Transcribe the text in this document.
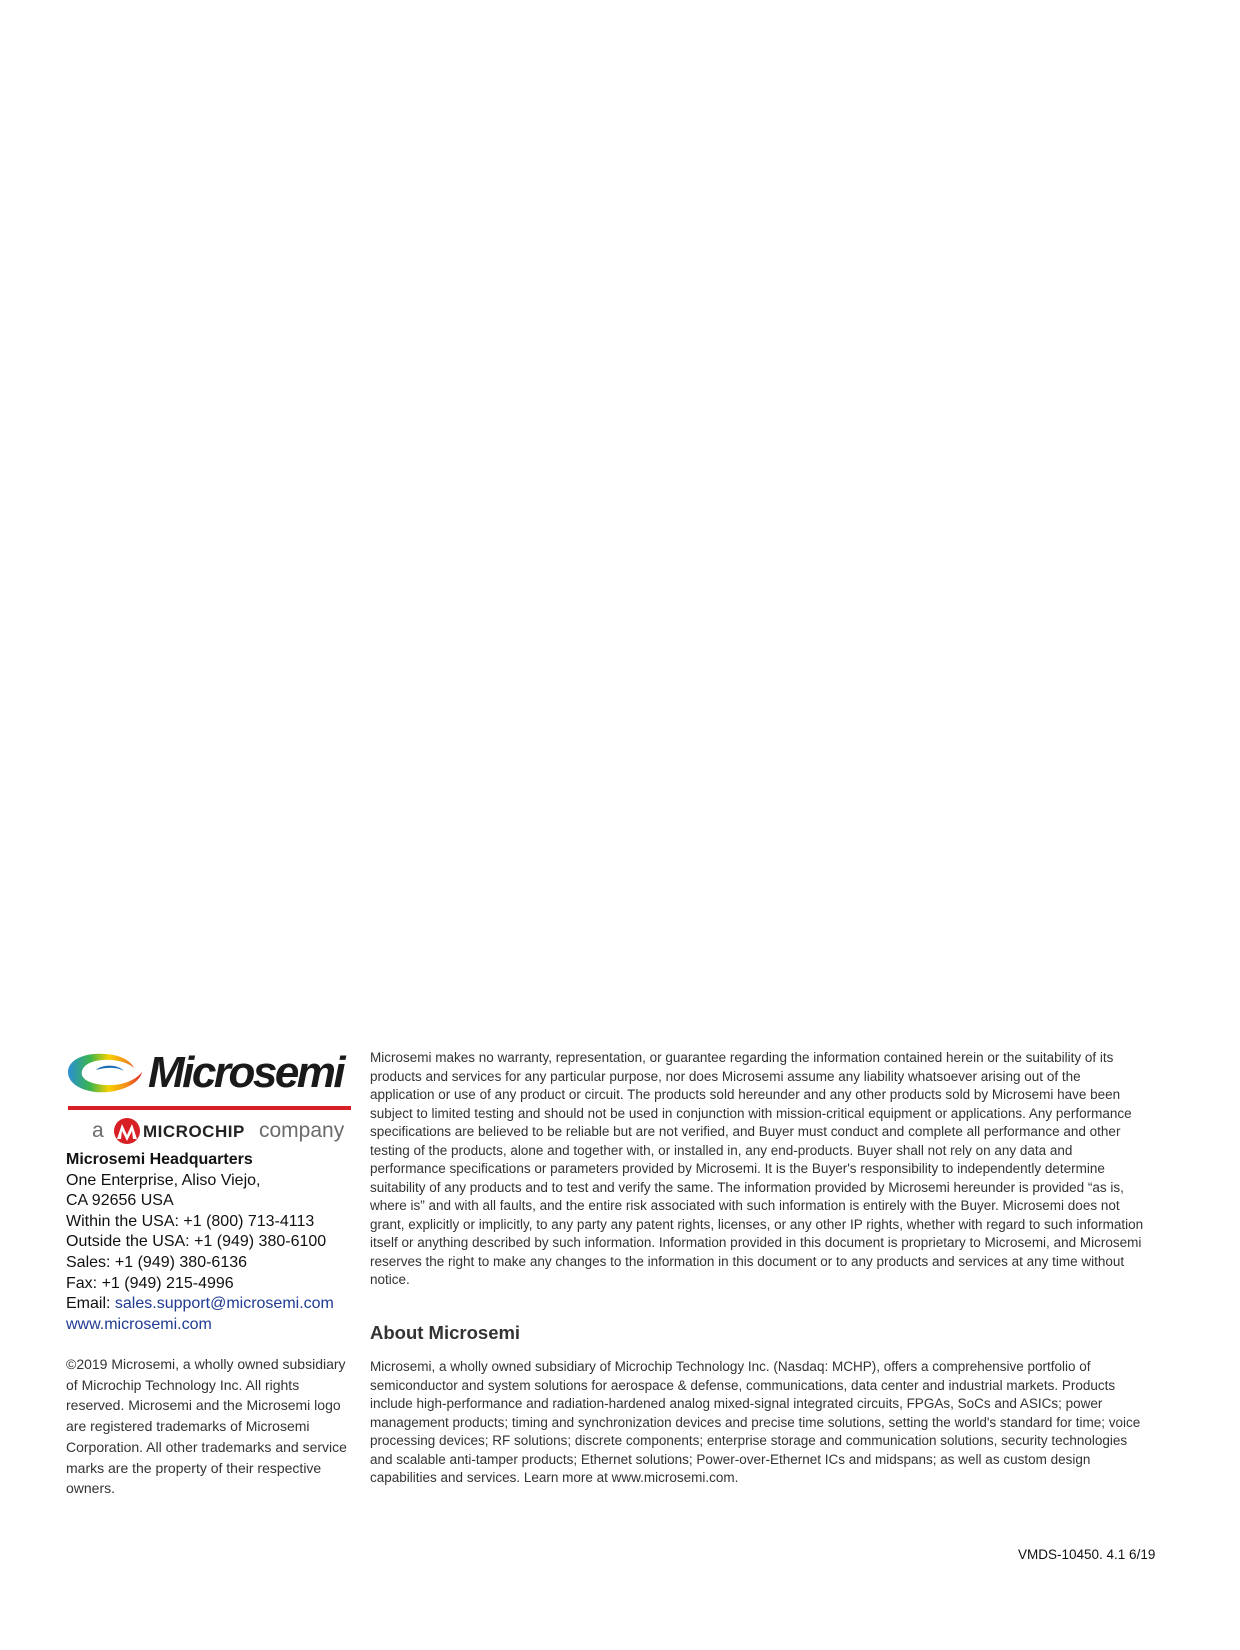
Microsemi
a MICROCHIP company
Microsemi Headquarters
One Enterprise, Aliso Viejo,
CA 92656 USA
Within the USA: +1 (800) 713-4113
Outside the USA: +1 (949) 380-6100
Sales: +1 (949) 380-6136
Fax: +1 (949) 215-4996
Email: sales.support@microsemi.com
www.microsemi.com
©2019 Microsemi, a wholly owned subsidiary of Microchip Technology Inc. All rights reserved. Microsemi and the Microsemi logo are registered trademarks of Microsemi Corporation. All other trademarks and service marks are the property of their respective owners.
Microsemi makes no warranty, representation, or guarantee regarding the information contained herein or the suitability of its products and services for any particular purpose, nor does Microsemi assume any liability whatsoever arising out of the application or use of any product or circuit. The products sold hereunder and any other products sold by Microsemi have been subject to limited testing and should not be used in conjunction with mission-critical equipment or applications. Any performance specifications are believed to be reliable but are not verified, and Buyer must conduct and complete all performance and other testing of the products, alone and together with, or installed in, any end-products. Buyer shall not rely on any data and performance specifications or parameters provided by Microsemi. It is the Buyer's responsibility to independently determine suitability of any products and to test and verify the same. The information provided by Microsemi hereunder is provided “as is, where is” and with all faults, and the entire risk associated with such information is entirely with the Buyer. Microsemi does not grant, explicitly or implicitly, to any party any patent rights, licenses, or any other IP rights, whether with regard to such information itself or anything described by such information. Information provided in this document is proprietary to Microsemi, and Microsemi reserves the right to make any changes to the information in this document or to any products and services at any time without notice.
About Microsemi
Microsemi, a wholly owned subsidiary of Microchip Technology Inc. (Nasdaq: MCHP), offers a comprehensive portfolio of semiconductor and system solutions for aerospace & defense, communications, data center and industrial markets. Products include high-performance and radiation-hardened analog mixed-signal integrated circuits, FPGAs, SoCs and ASICs; power management products; timing and synchronization devices and precise time solutions, setting the world's standard for time; voice processing devices; RF solutions; discrete components; enterprise storage and communication solutions, security technologies and scalable anti-tamper products; Ethernet solutions; Power-over-Ethernet ICs and midspans; as well as custom design capabilities and services. Learn more at www.microsemi.com.
VMDS-10450. 4.1 6/19
